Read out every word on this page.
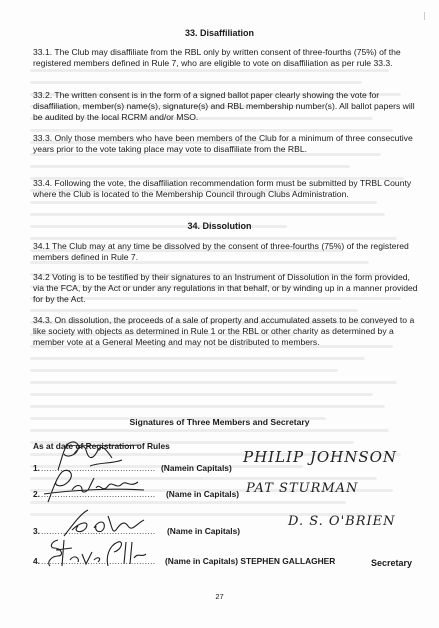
33. Disaffiliation

33.1. The Club may disaffiliate from the RBL only by written consent of three-fourths (75%) of the registered members defined in Rule 7, who are eligible to vote on disaffiliation as per rule 33.3.

33.2. The written consent is in the form of a signed ballot paper clearly showing the vote for disaffiliation, member(s) name(s), signature(s) and RBL membership number(s). All ballot papers will be audited by the local RCRM and/or MSO.

33.3. Only those members who have been members of the Club for a minimum of three consecutive years prior to the vote taking place may vote to disaffiliate from the RBL.

33.4. Following the vote, the disaffiliation recommendation form must be submitted by TRBL County where the Club is located to the Membership Council through Clubs Administration.

34. Dissolution

34.1 The Club may at any time be dissolved by the consent of three-fourths (75%) of the registered members defined in Rule 7.

34.2 Voting is to be testified by their signatures to an Instrument of Dissolution in the form provided, via the FCA, by the Act or under any regulations in that behalf, or by winding up in a manner provided for by the Act.

34.3. On dissolution, the proceeds of a sale of property and accumulated assets to be conveyed to a like society with objects as determined in Rule 1 or the RBL or other charity as determined by a member vote at a General Meeting and may not be distributed to members.

Signatures of Three Members and Secretary
As at date of Registration of Rules
1. .......................................... (Namein Capitals)
PHILIP JOHNSON
2. .......................................... (Name in Capitals) PAT STURMAN
3. .......................................... (Name in Capitals)
D. S. O'BRIEN
4. .......................................... (Name in Capitals) STEPHEN GALLAGHER	Secretary
27
